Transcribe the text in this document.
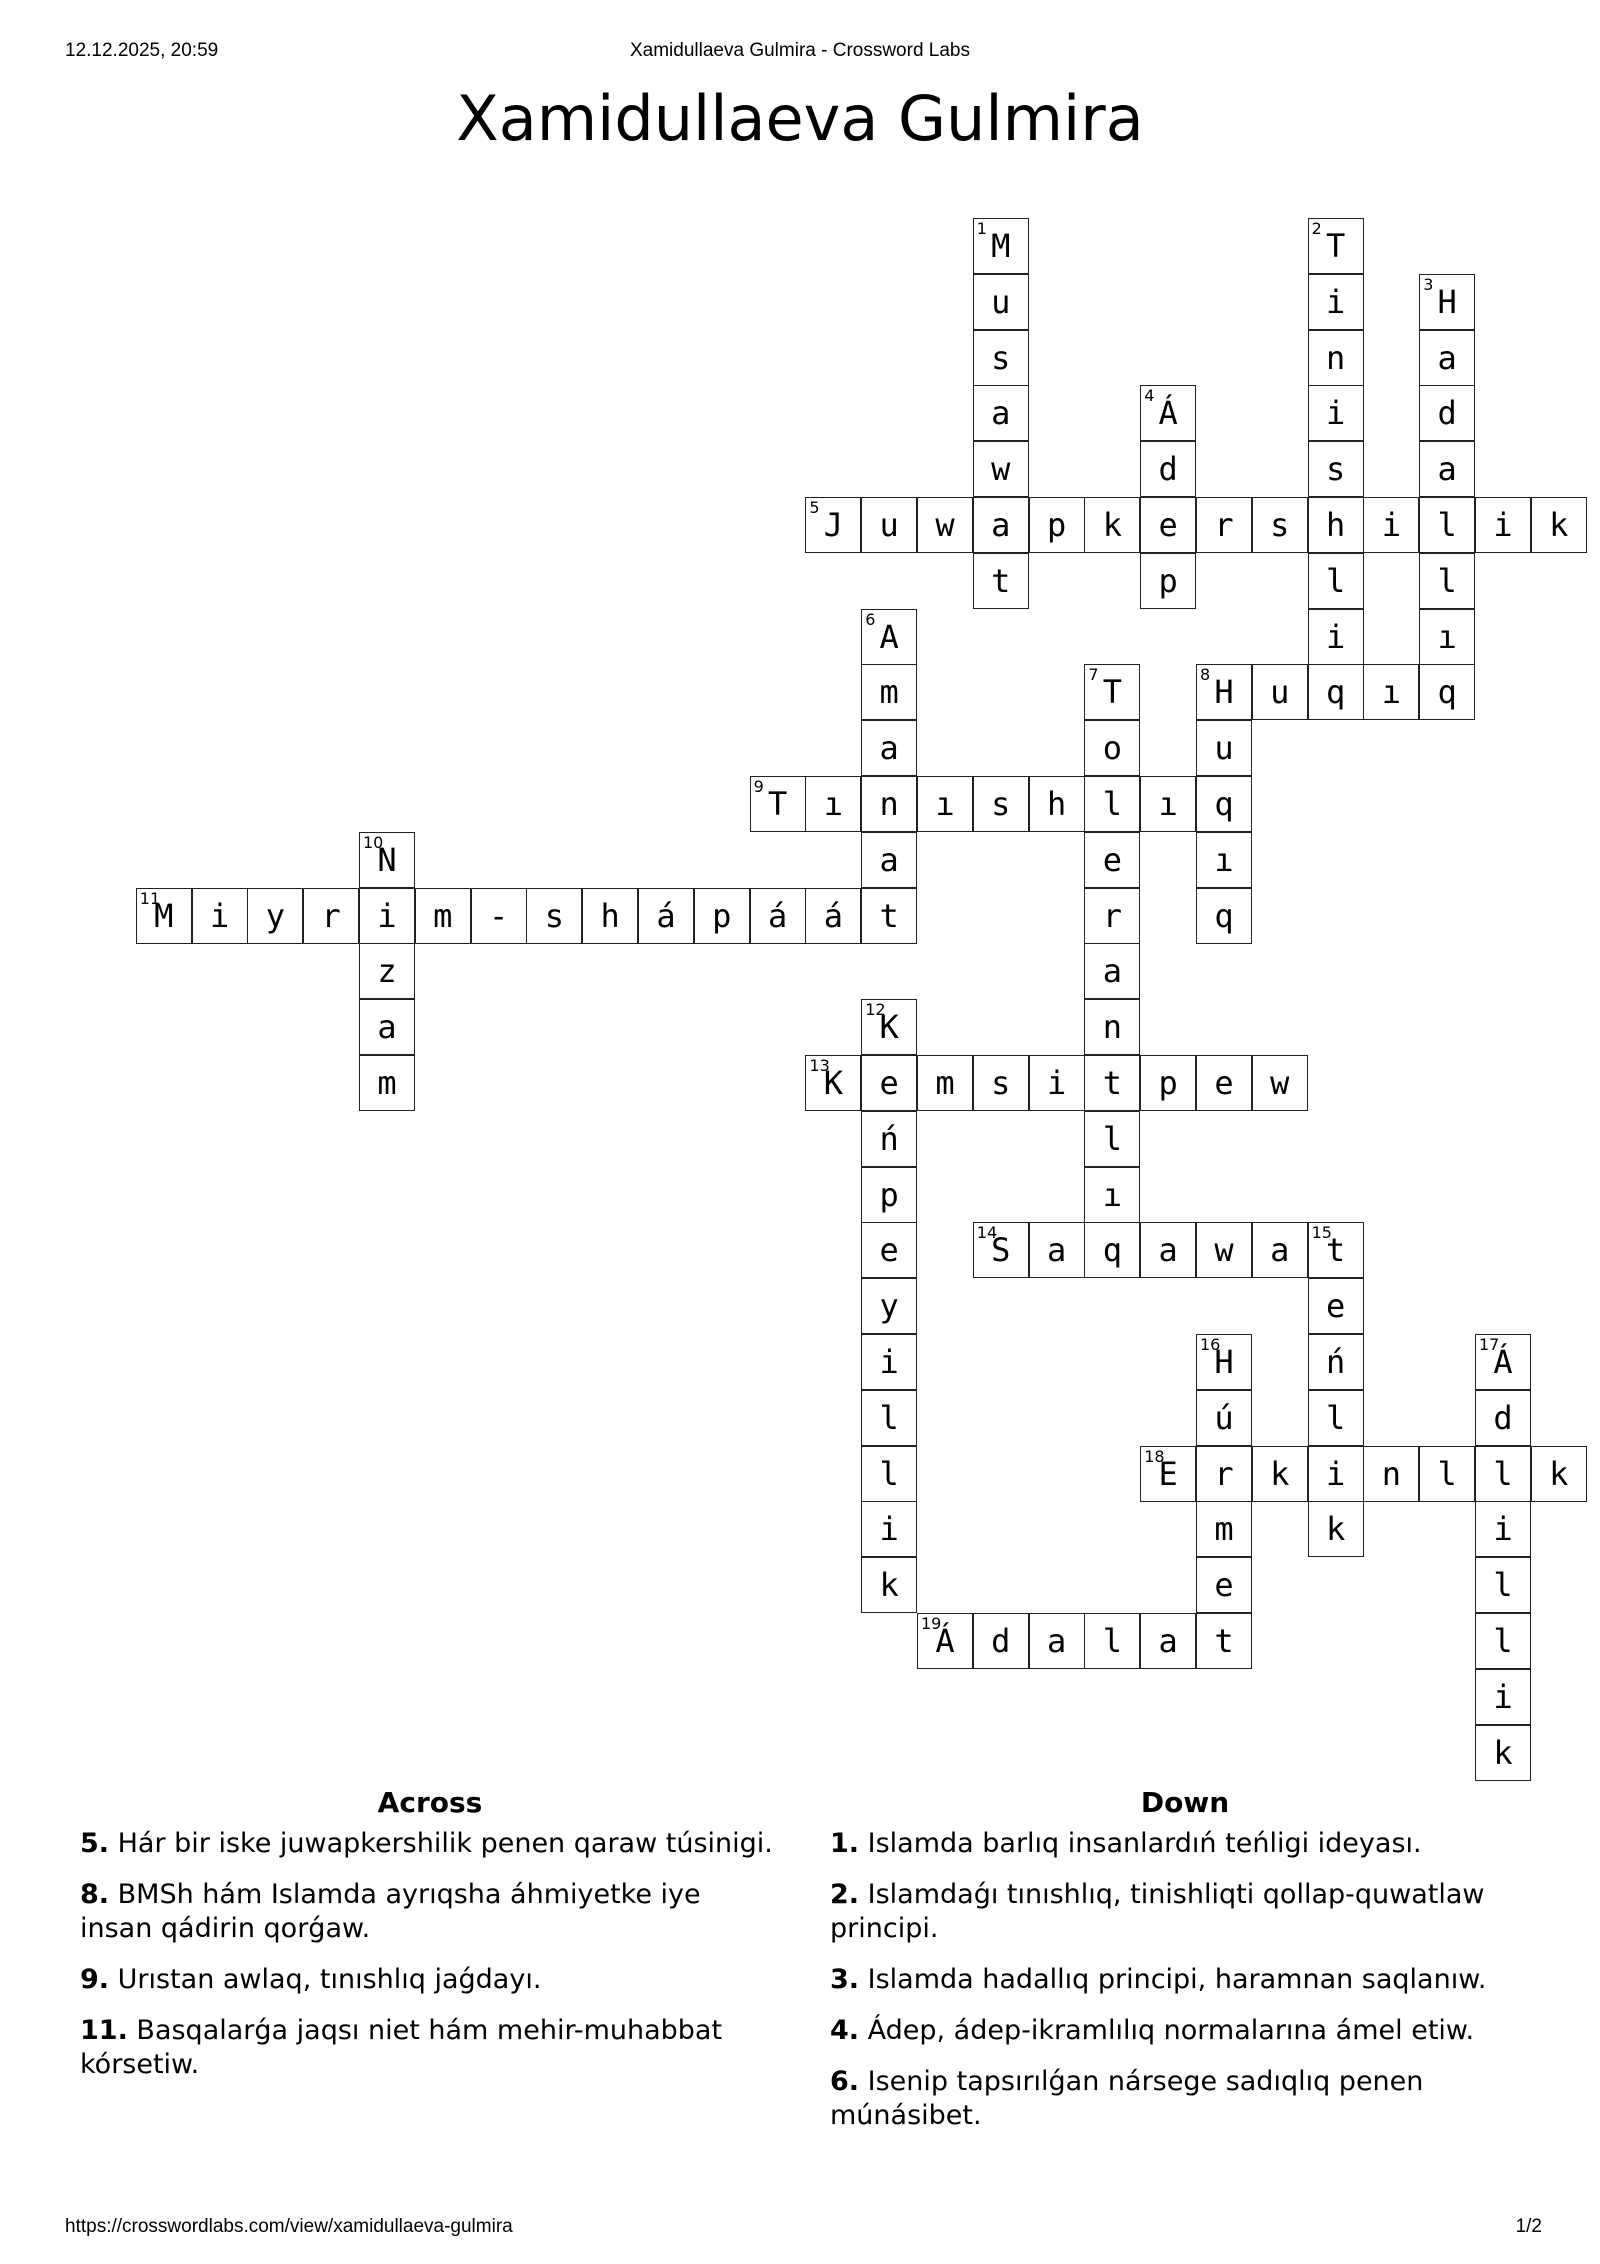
12.12.2025, 20:59	Xamidullaeva Gulmira - Crossword Labs
Xamidullaeva Gulmira
1 M
u
s
a
w
a
t
2 T
i
n
i
s
h
l
i
3 H
a
d
a
l
l
ı
q
4 Á
d
e
p
5 J	u	w	p	k	r	s	i	i	k
6 A
m
a
n
a
t
7 T
o
l
e
r
a
n
t
l
ı
8 H	u	q	ı
u
q
ı
q
9 T	ı	ı	s	h	ı
10
N
i
z
a
m
11
M	i	y	r	m	-	s	h	á	p	á	á
12
K
e
ń
p
e
y
i
l
l
i
k
13
K	m	s	i	p	e	w
14
S	a	q	a	w	a	15
t
e
ń
l
i
k
16
H
ú
r
m
e
t
17
Á
d
l
i
l
l
i
k
18
E	k	n	l	k
19
Á	d	a	l	a
Across
5. Hár bir iske juwapkershilik penen qaraw túsinigi.
8. BMSh hám Islamda ayrıqsha áhmiyetke iye insan qádirin qorǵaw.
9. Urıstan awlaq, tınıshlıq jaǵdayı.
11. Basqalarǵa jaqsı niet hám mehir-muhabbat kórsetiw.
Down
1. Islamda barlıq insanlardıń teńligi ideyası.
2. Islamdaǵı tınıshlıq, tinishliqti qollap-quwatlaw principi.
3. Islamda hadallıq principi, haramnan saqlanıw.
4. Ádep, ádep-ikramlılıq normalarına ámel etiw.
6. Isenip tapsırılǵan nársege sadıqlıq penen múnásibet.
https://crosswordlabs.com/view/xamidullaeva-gulmira	1/2
